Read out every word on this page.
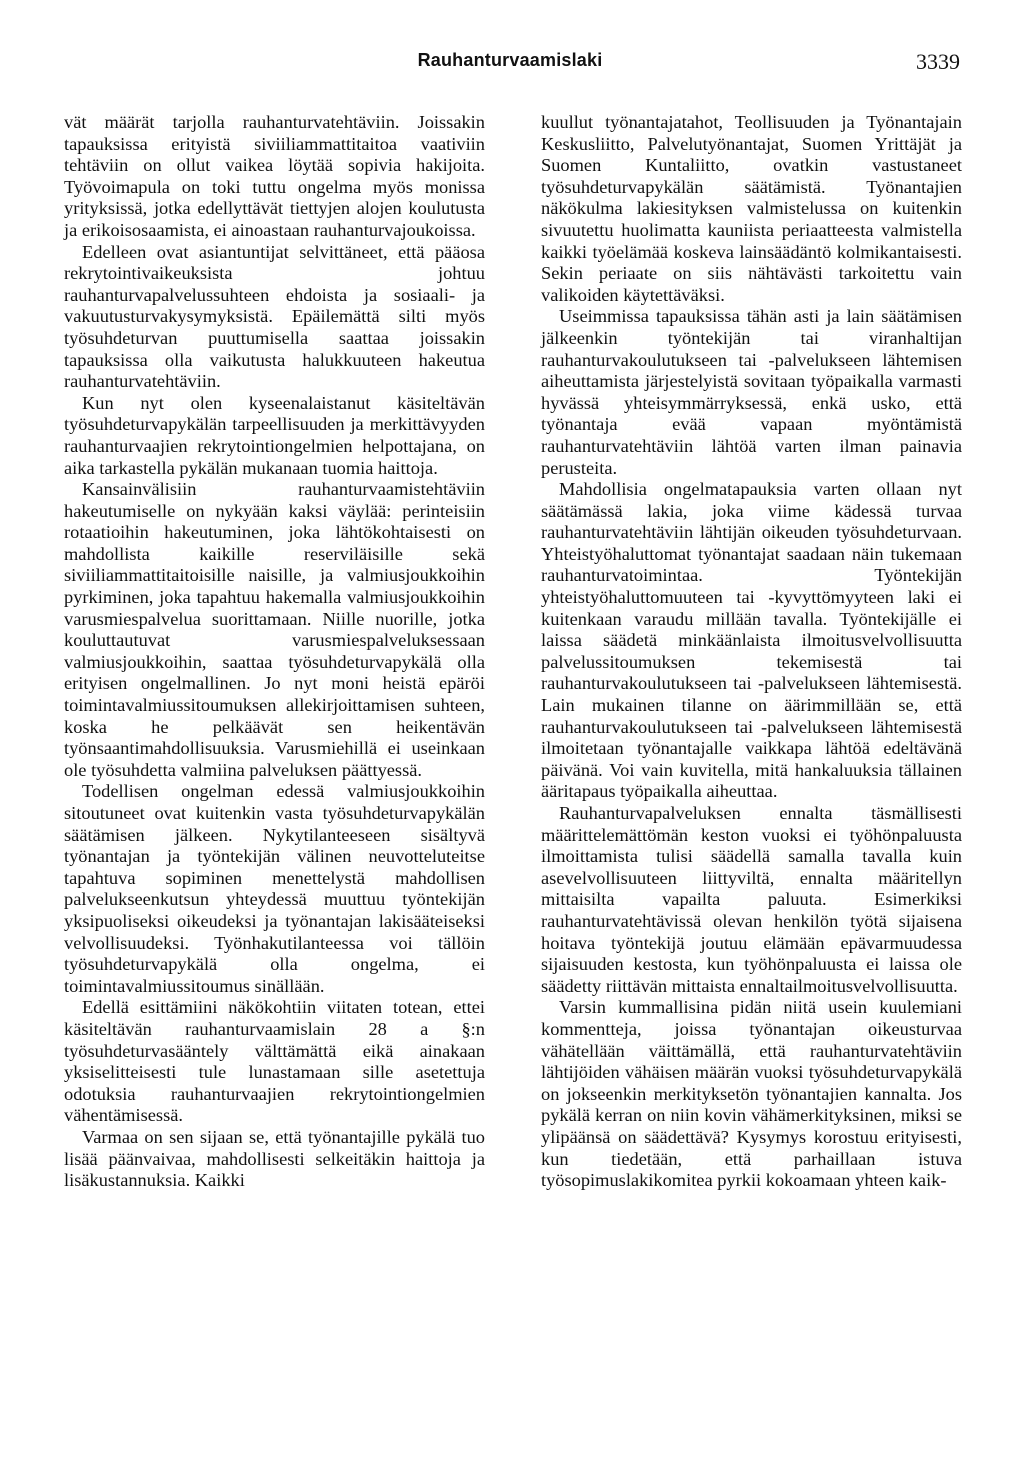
Rauhanturvaamislaki	3339

vät määrät tarjolla rauhanturvatehtäviin. Joissakin tapauksissa erityistä siviiliammattitaitoa vaativiin tehtäviin on ollut vaikea löytää sopivia hakijoita. Työvoimapula on toki tuttu ongelma myös monissa yrityksissä, jotka edellyttävät tiettyjen alojen koulutusta ja erikoisosaamista, ei ainoastaan rauhanturvajoukoissa.

Edelleen ovat asiantuntijat selvittäneet, että pääosa rekrytointivaikeuksista johtuu rauhanturvapalvelussuhteen ehdoista ja sosiaali- ja vakuutusturvakysymyksistä. Epäilemättä silti myös työsuhdeturvan puuttumisella saattaa joissakin tapauksissa olla vaikutusta halukkuuteen hakeutua rauhanturvatehtäviin.

Kun nyt olen kyseenalaistanut käsiteltävän työsuhdeturvapykälän tarpeellisuuden ja merkittävyyden rauhanturvaajien rekrytointiongelmien helpottajana, on aika tarkastella pykälän mukanaan tuomia haittoja.

Kansainvälisiin rauhanturvaamistehtäviin hakeutumiselle on nykyään kaksi väylää: perinteisiin rotaatioihin hakeutuminen, joka lähtökohtaisesti on mahdollista kaikille reserviläisille sekä siviiliammattitaitoisille naisille, ja valmiusjoukkoihin pyrkiminen, joka tapahtuu hakemalla valmiusjoukkoihin varusmiespalvelua suorittamaan. Niille nuorille, jotka kouluttautuvat varusmiespalveluksessaan valmiusjoukkoihin, saattaa työsuhdeturvapykälä olla erityisen ongelmallinen. Jo nyt moni heistä epäröi toimintavalmiussitoumuksen allekirjoittamisen suhteen, koska he pelkäävät sen heikentävän työnsaantimahdollisuuksia. Varusmiehillä ei useinkaan ole työsuhdetta valmiina palveluksen päättyessä.

Todellisen ongelman edessä valmiusjoukkoihin sitoutuneet ovat kuitenkin vasta työsuhdeturvapykälän säätämisen jälkeen. Nykytilanteeseen sisältyvä työnantajan ja työntekijän välinen neuvotteluteitse tapahtuva sopiminen menettelystä mahdollisen palvelukseenkutsun yhteydessä muuttuu työntekijän yksipuoliseksi oikeudeksi ja työnantajan lakisääteiseksi velvollisuudeksi. Työnhakutilanteessa voi tällöin työsuhdeturvapykälä olla ongelma, ei toimintavalmiussitoumus sinällään.

Edellä esittämiini näkökohtiin viitaten totean, ettei käsiteltävän rauhanturvaamislain 28 a §:n työsuhdeturvasääntely välttämättä eikä ainakaan yksiselitteisesti tule lunastamaan sille asetettuja odotuksia rauhanturvaajien rekrytointiongelmien vähentämisessä.

Varmaa on sen sijaan se, että työnantajille pykälä tuo lisää päänvaivaa, mahdollisesti selkeitäkin haittoja ja lisäkustannuksia. Kaikki

kuullut työnantajatahot, Teollisuuden ja Työnantajain Keskusliitto, Palvelutyönantajat, Suomen Yrittäjät ja Suomen Kuntaliitto, ovatkin vastustaneet työsuhdeturvapykälän säätämistä. Työnantajien näkökulma lakiesityksen valmistelussa on kuitenkin sivuutettu huolimatta kauniista periaatteesta valmistella kaikki työelämää koskeva lainsäädäntö kolmikantaisesti. Sekin periaate on siis nähtävästi tarkoitettu vain valikoiden käytettäväksi.

Useimmissa tapauksissa tähän asti ja lain säätämisen jälkeenkin työntekijän tai viranhaltijan rauhanturvakoulutukseen tai -palvelukseen lähtemisen aiheuttamista järjestelyistä sovitaan työpaikalla varmasti hyvässä yhteisymmärryksessä, enkä usko, että työnantaja evää vapaan myöntämistä rauhanturvatehtäviin lähtöä varten ilman painavia perusteita.

Mahdollisia ongelmatapauksia varten ollaan nyt säätämässä lakia, joka viime kädessä turvaa rauhanturvatehtäviin lähtijän oikeuden työsuhdeturvaan. Yhteistyöhaluttomat työnantajat saadaan näin tukemaan rauhanturvatoimintaa. Työntekijän yhteistyöhaluttomuuteen tai -kyvyttömyyteen laki ei kuitenkaan varaudu millään tavalla. Työntekijälle ei laissa säädetä minkäänlaista ilmoitusvelvollisuutta palvelussitoumuksen tekemisestä tai rauhanturvakoulutukseen tai -palvelukseen lähtemisestä. Lain mukainen tilanne on äärimmillään se, että rauhanturvakoulutukseen tai -palvelukseen lähtemisestä ilmoitetaan työnantajalle vaikkapa lähtöä edeltävänä päivänä. Voi vain kuvitella, mitä hankaluuksia tällainen ääritapaus työpaikalla aiheuttaa.

Rauhanturvapalveluksen ennalta täsmällisesti määrittelemättömän keston vuoksi ei työhönpaluusta ilmoittamista tulisi säädellä samalla tavalla kuin asevelvollisuuteen liittyviltä, ennalta määritellyn mittaisilta vapailta paluuta. Esimerkiksi rauhanturvatehtävissä olevan henkilön työtä sijaisena hoitava työntekijä joutuu elämään epävarmuudessa sijaisuuden kestosta, kun työhönpaluusta ei laissa ole säädetty riittävän mittaista ennaltailmoitusvelvollisuutta.

Varsin kummallisina pidän niitä usein kuulemiani kommentteja, joissa työnantajan oikeusturvaa vähätellään väittämällä, että rauhanturvatehtäviin lähtijöiden vähäisen määrän vuoksi työsuhdeturvapykälä on jokseenkin merkityksetön työnantajien kannalta. Jos pykälä kerran on niin kovin vähämerkityksinen, miksi se ylipäänsä on säädettävä? Kysymys korostuu erityisesti, kun tiedetään, että parhaillaan istuva työsopimuslakikomitea pyrkii kokoamaan yhteen kaik-
